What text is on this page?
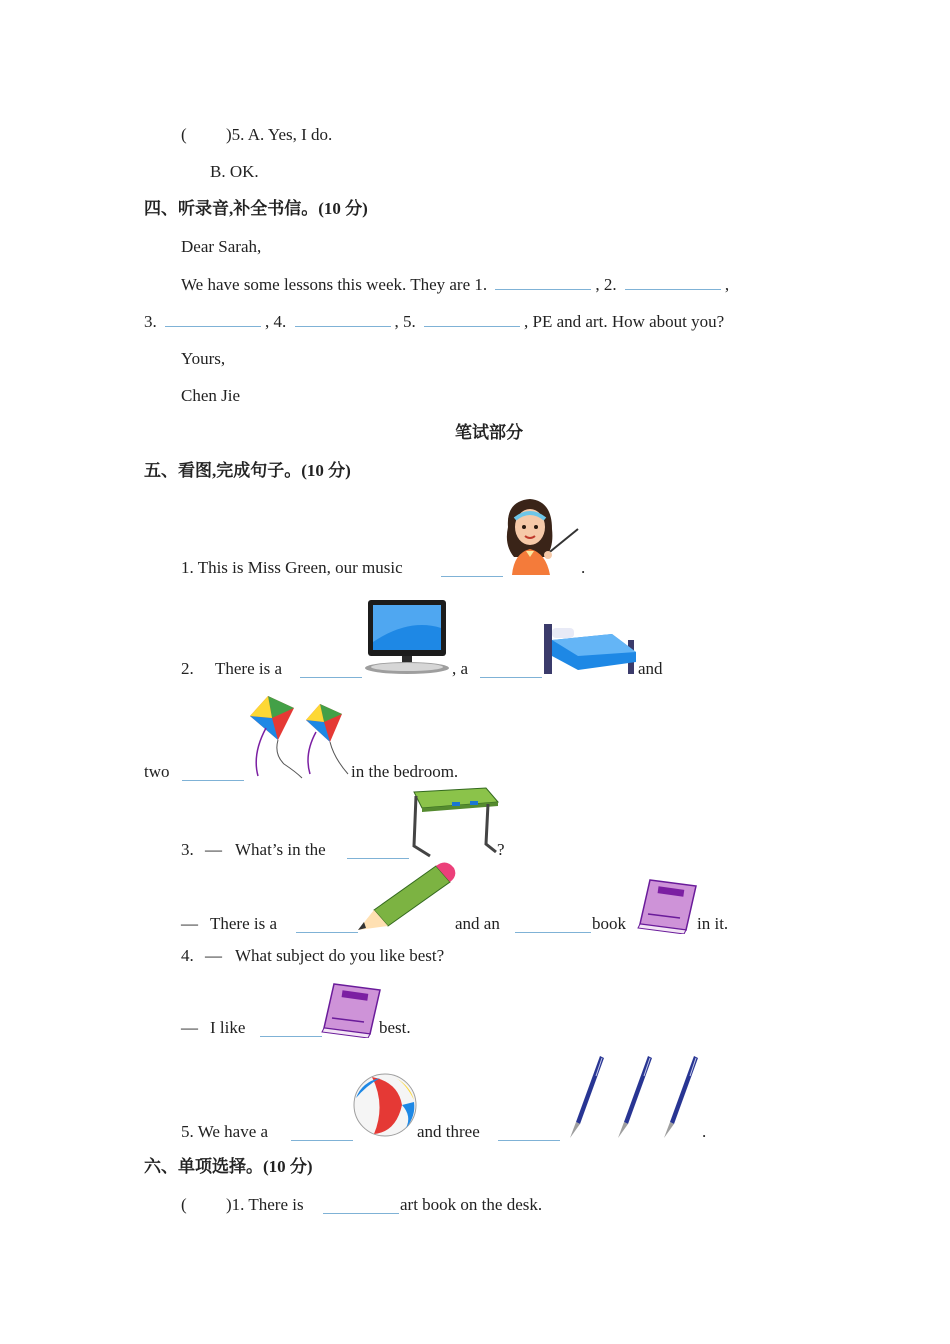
( )5. A. Yes, I do.
B. OK.
四、听录音,补全书信。(10 分)
Dear Sarah,
We have some lessons this week. They are 1.	, 2.	,
3.	, 4.	, 5.	, PE and art. How about you?
Yours,
Chen Jie
笔试部分
五、看图,完成句子。(10 分)
1. This is Miss Green, our music	.
2. There is a	, a	and
two	in the bedroom.
3. — What’s in the	?
— There is a	and an	book	in it.
4. — What subject do you like best?
— I like	best.
5. We have a	and three	.
六、单项选择。(10 分)
( )1. There is	art book on the desk.
